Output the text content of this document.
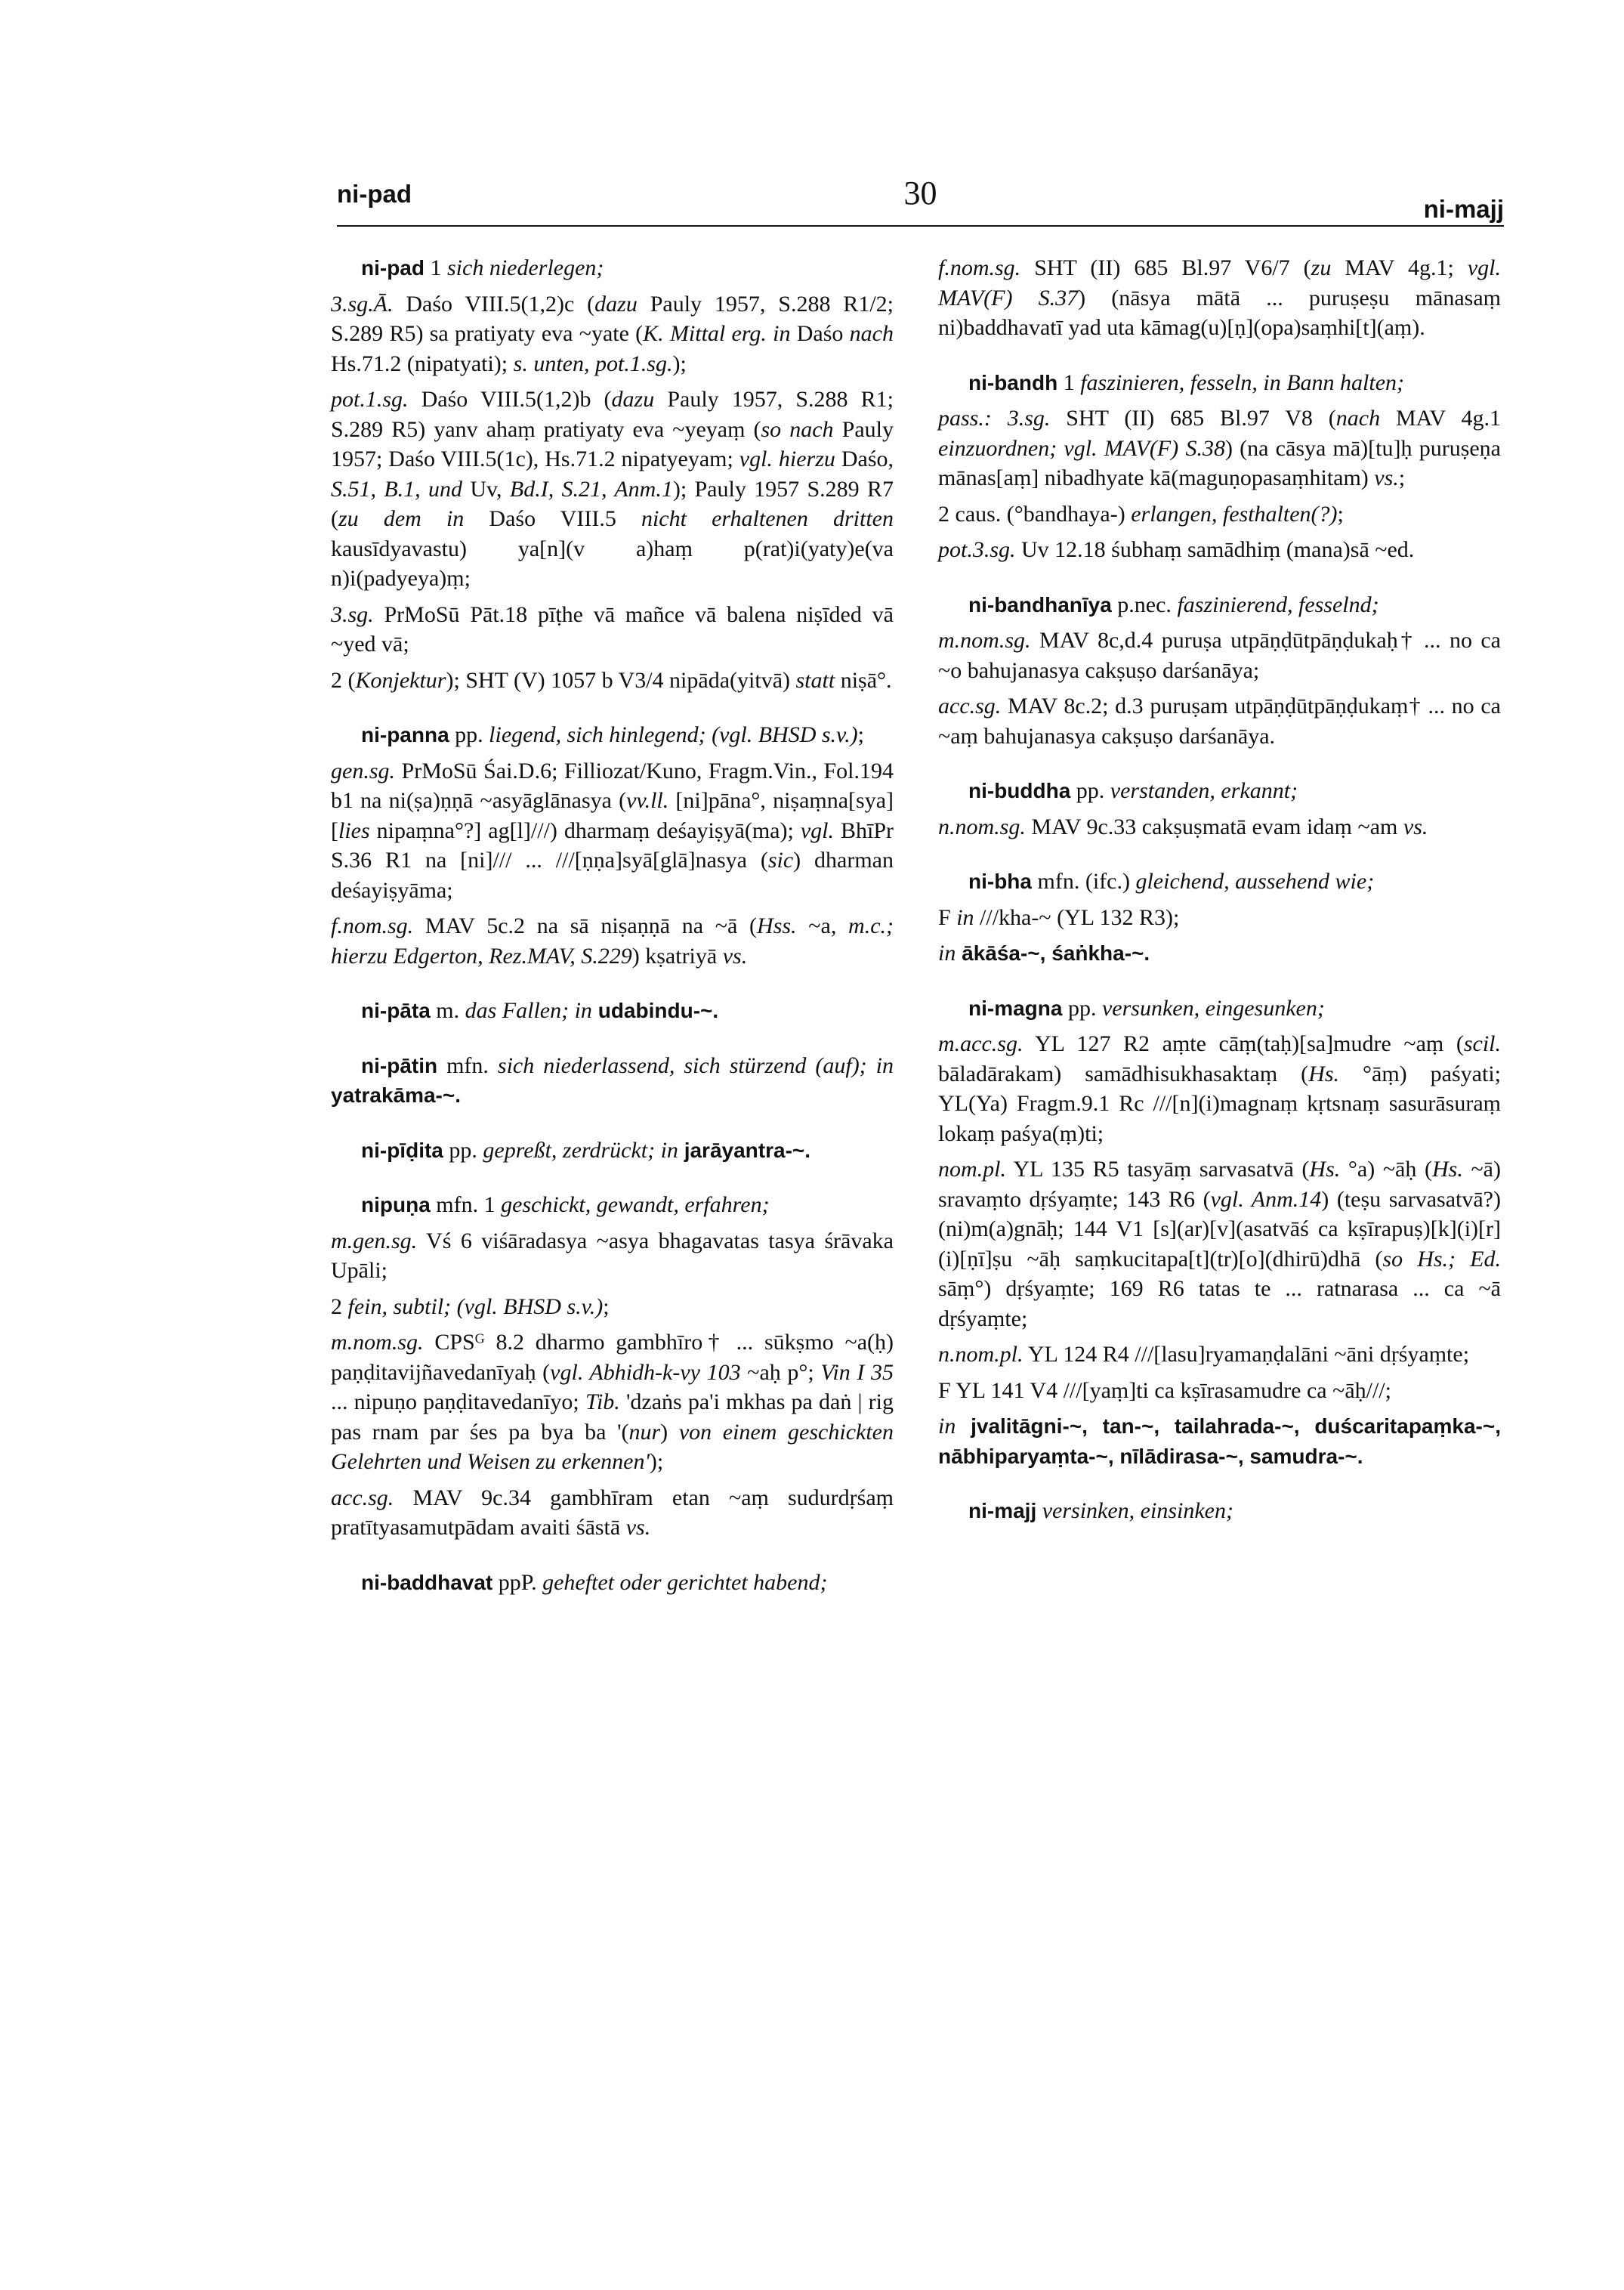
ni-pad	30	ni-majj

ni-pad 1 sich niederlegen;

3.sg.Ā. Daśo VIII.5(1,2)c (dazu Pauly 1957, S.288 R1/2; S.289 R5) sa pratiyaty eva ~yate (K. Mittal erg. in Daśo nach Hs.71.2 (nipatyati); s. unten, pot.1.sg.);

pot.1.sg. Daśo VIII.5(1,2)b (dazu Pauly 1957, S.288 R1; S.289 R5) yanv ahaṃ pratiyaty eva ~yeyaṃ (so nach Pauly 1957; Daśo VIII.5(1c), Hs.71.2 nipatyeyam; vgl. hierzu Daśo, S.51, B.1, und Uv, Bd.I, S.21, Anm.1); Pauly 1957 S.289 R7 (zu dem in Daśo VIII.5 nicht erhaltenen dritten kausīdyavastu) ya[n](v a)haṃ p(rat)i(yaty)e(va n)i(padyeya)ṃ;

3.sg. PrMoSū Pāt.18 pīṭhe vā mañce vā balena niṣīded vā ~yed vā;

2 (Konjektur); SHT (V) 1057 b V3/4 nipāda(yitvā) statt niṣā°.

ni-panna pp. liegend, sich hinlegend; (vgl. BHSD s.v.);

gen.sg. PrMoSū Śai.D.6; Filliozat/Kuno, Fragm.Vin., Fol.194 b1 na ni(ṣa)ṇṇā ~asyāglānasya (vv.ll. [ni]pāna°, niṣaṃna[sya] [lies nipaṃna°?] ag[l]///) dharmaṃ deśayiṣyā(ma); vgl. BhīPr S.36 R1 na [ni]/// ... ///[ṇṇa]syā[glā]nasya (sic) dharman deśayiṣyāma;

f.nom.sg. MAV 5c.2 na sā niṣaṇṇā na ~ā (Hss. ~a, m.c.; hierzu Edgerton, Rez.MAV, S.229) kṣatriyā vs.

ni-pāta m. das Fallen; in udabindu-~.

ni-pātin mfn. sich niederlassend, sich stürzend (auf); in yatrakāma-~.

ni-pīḍita pp. gepreßt, zerdrückt; in jarāyantra-~.

nipuṇa mfn. 1 geschickt, gewandt, erfahren;

m.gen.sg. Vś 6 viśāradasya ~asya bhagavatas tasya śrāvaka Upāli;

2 fein, subtil; (vgl. BHSD s.v.);

m.nom.sg. CPSᴳ 8.2 dharmo gambhīro† ... sūkṣmo ~a(ḥ) paṇḍitavijñavedanīyaḥ (vgl. Abhidh-k-vy 103 ~aḥ p°; Vin I 35 ... nipuṇo paṇḍitavedanīyo; Tib. 'dzaṅs pa'i mkhas pa daṅ | rig pas rnam par śes pa bya ba '(nur) von einem geschickten Gelehrten und Weisen zu erkennen');

acc.sg. MAV 9c.34 gambhīram etan ~aṃ sudurdṛśaṃ pratītyasamutpādam avaiti śāstā vs.

ni-baddhavat ppP. geheftet oder gerichtet habend;

f.nom.sg. SHT (II) 685 Bl.97 V6/7 (zu MAV 4g.1; vgl. MAV(F) S.37) (nāsya mātā ... puruṣeṣu mānasaṃ ni)baddhavatī yad uta kāmag(u)[ṇ](opa)saṃhi[t](aṃ).

ni-bandh 1 faszinieren, fesseln, in Bann halten;

pass.: 3.sg. SHT (II) 685 Bl.97 V8 (nach MAV 4g.1 einzuordnen; vgl. MAV(F) S.38) (na cāsya mā)[tu]ḥ puruṣeṇa mānas[aṃ] nibadhyate kā(maguṇopasaṃhitam) vs.;

2 caus. (°bandhaya-) erlangen, festhalten(?);

pot.3.sg. Uv 12.18 śubhaṃ samādhiṃ (mana)sā ~ed.

ni-bandhanīya p.nec. faszinierend, fesselnd;

m.nom.sg. MAV 8c,d.4 puruṣa utpāṇḍūtpāṇḍukaḥ† ... no ca ~o bahujanasya cakṣuṣo darśanāya;

acc.sg. MAV 8c.2; d.3 puruṣam utpāṇḍūtpāṇḍukaṃ† ... no ca ~aṃ bahujanasya cakṣuṣo darśanāya.

ni-buddha pp. verstanden, erkannt;

n.nom.sg. MAV 9c.33 cakṣuṣmatā evam idaṃ ~am vs.

ni-bha mfn. (ifc.) gleichend, aussehend wie;

F in ///kha-~ (YL 132 R3);

in ākāśa-~, śaṅkha-~.

ni-magna pp. versunken, eingesunken;

m.acc.sg. YL 127 R2 aṃte cāṃ(taḥ)[sa]mudre ~aṃ (scil. bāladārakam) samādhisukhasaktaṃ (Hs. °āṃ) paśyati; YL(Ya) Fragm.9.1 Rc ///[n](i)magnaṃ kṛtsnaṃ sasurāsuraṃ lokaṃ paśya(ṃ)ti;

nom.pl. YL 135 R5 tasyāṃ sarvasatvā (Hs. °a) ~āḥ (Hs. ~ā) sravaṃto dṛśyaṃte; 143 R6 (vgl. Anm.14) (teṣu sarvasatvā?) (ni)m(a)gnāḥ; 144 V1 [s](ar)[v](asatvāś ca kṣīrapuṣ)[k](i)[r](i)[ṇī]ṣu ~āḥ saṃkucitapa[t](tr)[o](dhirū)dhā (so Hs.; Ed. sāṃ°) dṛśyaṃte; 169 R6 tatas te ... ratnarasa ... ca ~ā dṛśyaṃte;

n.nom.pl. YL 124 R4 ///[lasu]ryamaṇḍalāni ~āni dṛśyaṃte;

F YL 141 V4 ///[yaṃ]ti ca kṣīrasamudre ca ~āḥ///;

in jvalitāgni-~, tan-~, tailahrada-~, duścaritapaṃka-~, nābhiparyaṃta-~, nīlādirasa-~, samudra-~.

ni-majj versinken, einsinken;
